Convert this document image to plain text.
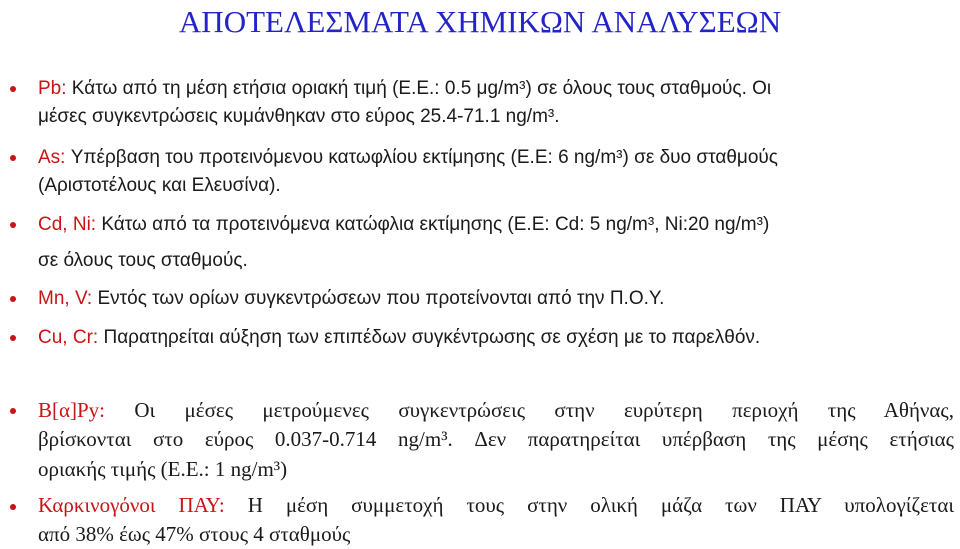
ΑΠΟΤΕΛΕΣΜΑΤΑ ΧΗΜΙΚΩΝ ΑΝΑΛΥΣΕΩΝ
Pb: Κάτω από τη μέση ετήσια οριακή τιμή (Ε.Ε.: 0.5 μg/m³) σε όλους τους σταθμούς. Οι
μέσες συγκεντρώσεις κυμάνθηκαν στο εύρος 25.4-71.1 ng/m³.
As: Υπέρβαση του προτεινόμενου κατωφλίου εκτίμησης (Ε.Ε: 6 ng/m³) σε δυο σταθμούς
(Αριστοτέλους και Ελευσίνα).
Cd, Ni: Κάτω από τα προτεινόμενα κατώφλια εκτίμησης (Ε.Ε: Cd: 5 ng/m³, Ni:20 ng/m³)
σε όλους τους σταθμούς.
Mn, V: Εντός των ορίων συγκεντρώσεων που προτείνονται από την Π.Ο.Υ.
Cu, Cr: Παρατηρείται αύξηση των επιπέδων συγκέντρωσης σε σχέση με το παρελθόν.
Β[α]Py: Οι μέσες μετρούμενες συγκεντρώσεις στην ευρύτερη περιοχή της Αθήνας,
βρίσκονται στο εύρος 0.037-0.714 ng/m³. Δεν παρατηρείται υπέρβαση της μέσης ετήσιας
οριακής τιμής (Ε.Ε.: 1 ng/m³)
Καρκινογόνοι ΠΑΥ: Η μέση συμμετοχή τους στην ολική μάζα των ΠΑΥ υπολογίζεται
από 38% έως 47% στους 4 σταθμούς
